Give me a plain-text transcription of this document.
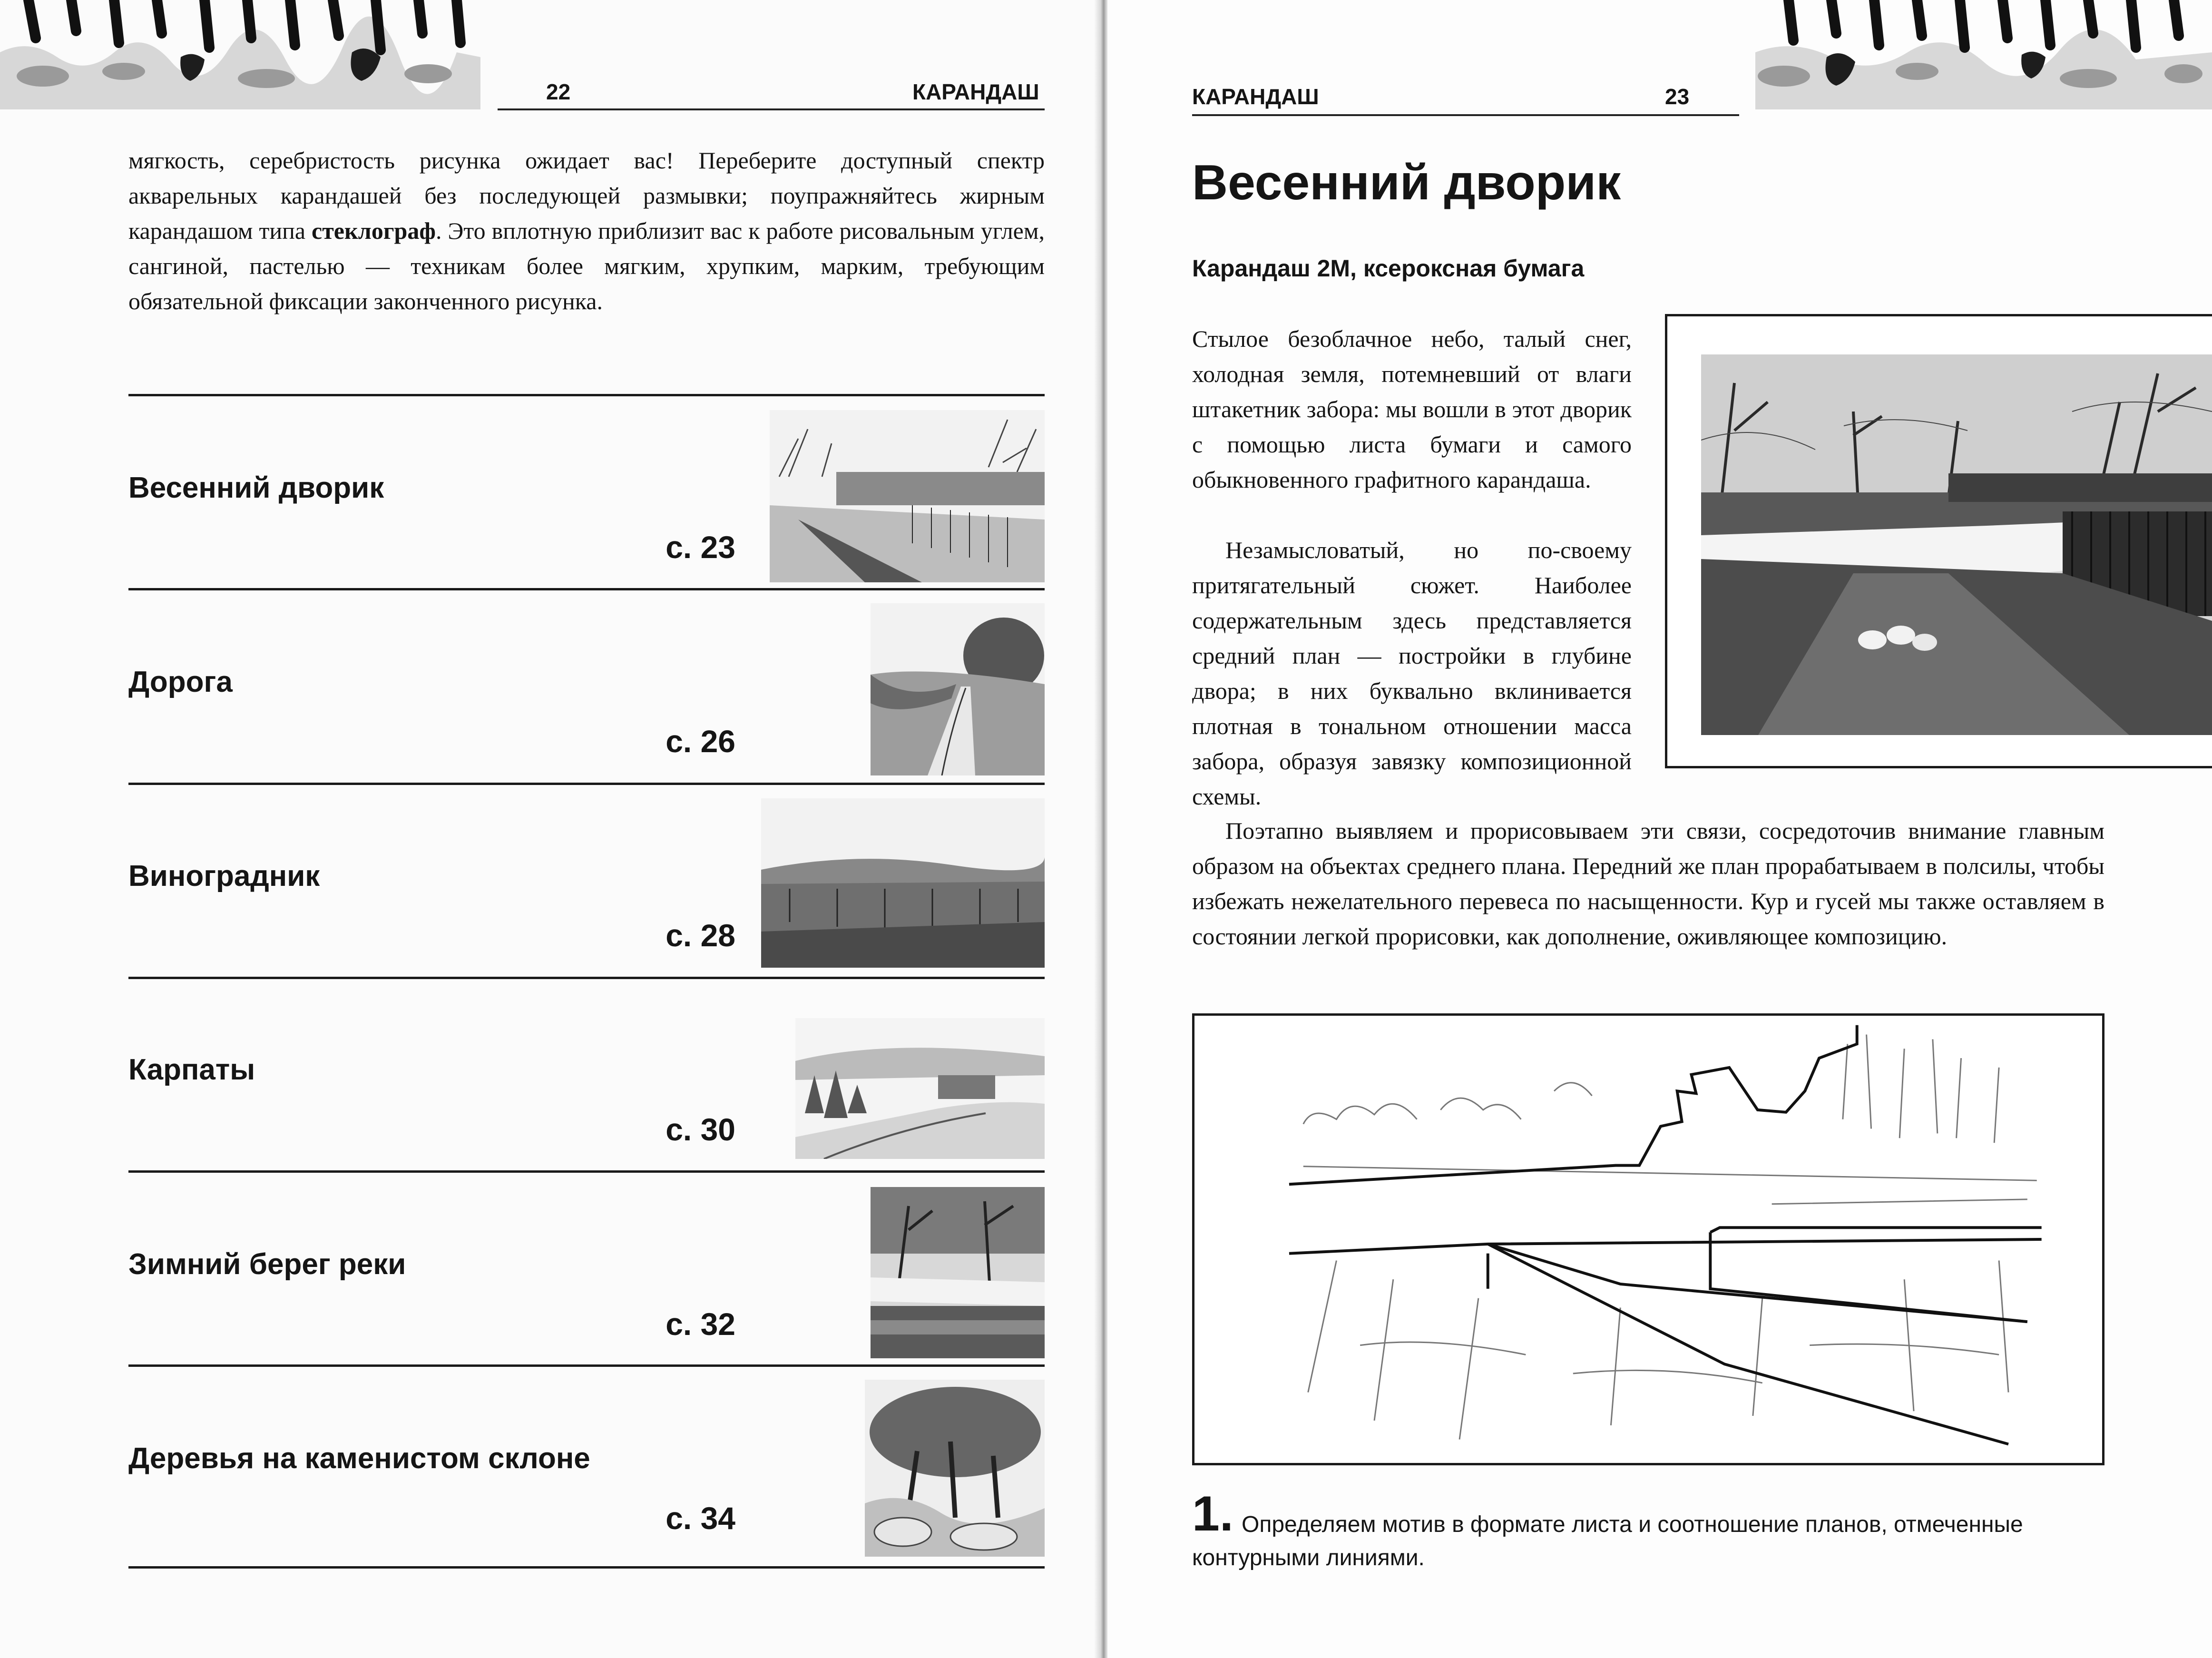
22	КАРАНДАШ

мягкость, серебристость рисунка ожидает вас! Переберите доступный спектр акварельных карандашей без последующей размывки; поупражняйтесь жирным карандашом типа стеклограф. Это вплотную приблизит вас к работе рисовальным углем, сангиной, пастелью — техникам более мягким, хрупким, марким, требующим обязательной фиксации законченного рисунка.

Весенний дворик
с. 23
Дорога
с. 26
Виноградник
с. 28
Карпаты
с. 30
Зимний берег реки
с. 32
Деревья на каменистом склоне
с. 34
КАРАНДАШ	23
Весенний дворик
Карандаш 2М, ксероксная бумага

Стылое безоблачное небо, талый снег, холодная земля, потемневший от влаги штакетник забора: мы вошли в этот дворик с помощью листа бумаги и самого обыкновенного графитного карандаша.

Незамысловатый, но по-своему притягательный сюжет. Наиболее содержательным здесь представляется средний план — постройки в глубине двора; в них буквально вклинивается плотная в тональном отношении масса забора, образуя завязку композиционной схемы.

Поэтапно выявляем и прорисовываем эти связи, сосредоточив внимание главным образом на объектах среднего плана. Передний же план прорабатываем в полсилы, чтобы избежать нежелательного перевеса по насыщенности. Кур и гусей мы также оставляем в состоянии легкой прорисовки, как дополнение, оживляющее композицию.

1. Определяем мотив в формате листа и соотношение планов, отмеченные контурными линиями.
